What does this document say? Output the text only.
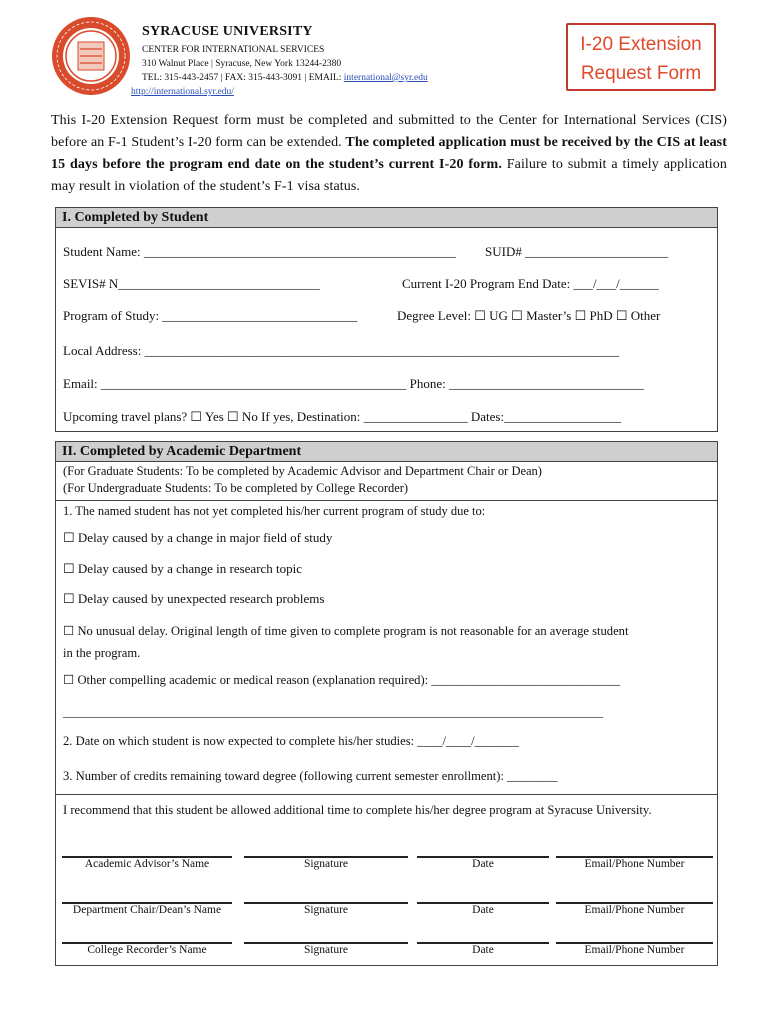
SYRACUSE UNIVERSITY
CENTER FOR INTERNATIONAL SERVICES
310 Walnut Place | Syracuse, New York 13244-2380
TEL: 315-443-2457 | FAX: 315-443-3091 | EMAIL: international@syr.edu
http://international.syr.edu/
I-20 Extension
Request Form
This I-20 Extension Request form must be completed and submitted to the Center for International Services (CIS) before an F-1 Student’s I-20 form can be extended. The completed application must be received by the CIS at least 15 days before the program end date on the student’s current I-20 form. Failure to submit a timely application may result in violation of the student’s F-1 visa status.
I. Completed by Student
Student Name: ________________________________________________ SUID# ______________________
SEVIS# N_______________________________	Current I-20 Program End Date: ___/___/______
Program of Study: ______________________________	Degree Level: ☐ UG ☐ Master’s ☐ PhD ☐ Other
Local Address: _________________________________________________________________________
Email: _______________________________________________ Phone: ______________________________
Upcoming travel plans? ☐ Yes ☐ No If yes, Destination: ________________ Dates:__________________
II. Completed by Academic Department
(For Graduate Students: To be completed by Academic Advisor and Department Chair or Dean)
(For Undergraduate Students: To be completed by College Recorder)
1. The named student has not yet completed his/her current program of study due to:
☐ Delay caused by a change in major field of study
☐ Delay caused by a change in research topic
☐ Delay caused by unexpected research problems
☐ No unusual delay. Original length of time given to complete program is not reasonable for an average student
in the program.
☐ Other compelling academic or medical reason (explanation required): ______________________________
__________________________________________________________________________________________
2. Date on which student is now expected to complete his/her studies: ____/____/_______
3. Number of credits remaining toward degree (following current semester enrollment): ________
I recommend that this student be allowed additional time to complete his/her degree program at Syracuse University.
Academic Advisor’s Name	Signature	Date	Email/Phone Number
Department Chair/Dean’s Name	Signature	Date	Email/Phone Number
College Recorder’s Name	Signature	Date	Email/Phone Number
